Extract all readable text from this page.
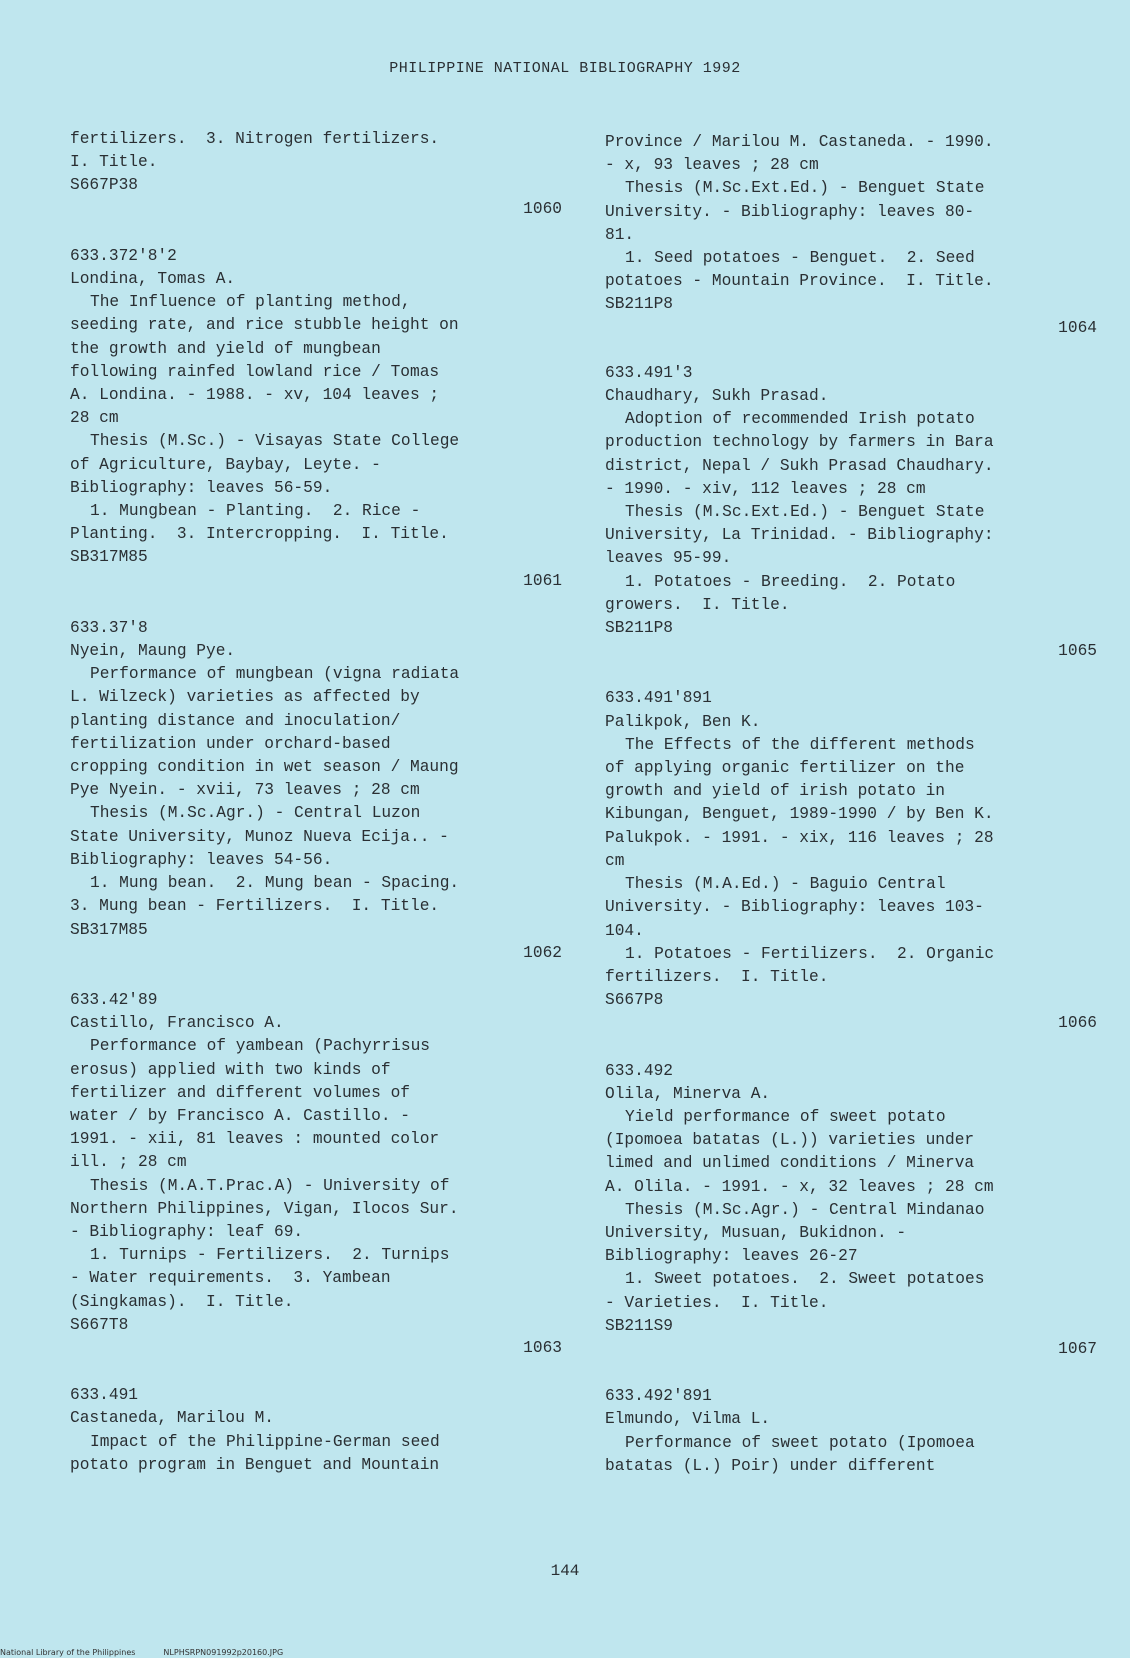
PHILIPPINE NATIONAL BIBLIOGRAPHY 1992
fertilizers.  3. Nitrogen fertilizers.
I. Title.
S667P38
1060
633.372'8'2
Londina, Tomas A.
The Influence of planting method,
seeding rate, and rice stubble height on
the growth and yield of mungbean
following rainfed lowland rice / Tomas
A. Londina. - 1988. - xv, 104 leaves ;
28 cm
Thesis (M.Sc.) - Visayas State College
of Agriculture, Baybay, Leyte. -
Bibliography: leaves 56-59.
1. Mungbean - Planting.  2. Rice -
Planting.  3. Intercropping.  I. Title.
SB317M85
1061
633.37'8
Nyein, Maung Pye.
Performance of mungbean (vigna radiata
L. Wilzeck) varieties as affected by
planting distance and inoculation/
fertilization under orchard-based
cropping condition in wet season / Maung
Pye Nyein. - xvii, 73 leaves ; 28 cm
Thesis (M.Sc.Agr.) - Central Luzon
State University, Munoz Nueva Ecija.. -
Bibliography: leaves 54-56.
1. Mung bean.  2. Mung bean - Spacing.
3. Mung bean - Fertilizers.  I. Title.
SB317M85
1062
633.42'89
Castillo, Francisco A.
Performance of yambean (Pachyrrisus
erosus) applied with two kinds of
fertilizer and different volumes of
water / by Francisco A. Castillo. -
1991. - xii, 81 leaves : mounted color
ill. ; 28 cm
Thesis (M.A.T.Prac.A) - University of
Northern Philippines, Vigan, Ilocos Sur.
- Bibliography: leaf 69.
1. Turnips - Fertilizers.  2. Turnips
- Water requirements.  3. Yambean
(Singkamas).  I. Title.
S667T8
1063
633.491
Castaneda, Marilou M.
Impact of the Philippine-German seed
potato program in Benguet and Mountain
Province / Marilou M. Castaneda. - 1990.
- x, 93 leaves ; 28 cm
Thesis (M.Sc.Ext.Ed.) - Benguet State
University. - Bibliography: leaves 80-
81.
1. Seed potatoes - Benguet.  2. Seed
potatoes - Mountain Province.  I. Title.
SB211P8
1064
633.491'3
Chaudhary, Sukh Prasad.
Adoption of recommended Irish potato
production technology by farmers in Bara
district, Nepal / Sukh Prasad Chaudhary.
- 1990. - xiv, 112 leaves ; 28 cm
Thesis (M.Sc.Ext.Ed.) - Benguet State
University, La Trinidad. - Bibliography:
leaves 95-99.
1. Potatoes - Breeding.  2. Potato
growers.  I. Title.
SB211P8
1065
633.491'891
Palikpok, Ben K.
The Effects of the different methods
of applying organic fertilizer on the
growth and yield of irish potato in
Kibungan, Benguet, 1989-1990 / by Ben K.
Palukpok. - 1991. - xix, 116 leaves ; 28
cm
Thesis (M.A.Ed.) - Baguio Central
University. - Bibliography: leaves 103-
104.
1. Potatoes - Fertilizers.  2. Organic
fertilizers.  I. Title.
S667P8
1066
633.492
Olila, Minerva A.
Yield performance of sweet potato
(Ipomoea batatas (L.)) varieties under
limed and unlimed conditions / Minerva
A. Olila. - 1991. - x, 32 leaves ; 28 cm
Thesis (M.Sc.Agr.) - Central Mindanao
University, Musuan, Bukidnon. -
Bibliography: leaves 26-27
1. Sweet potatoes.  2. Sweet potatoes
- Varieties.  I. Title.
SB211S9
1067
633.492'891
Elmundo, Vilma L.
Performance of sweet potato (Ipomoea
batatas (L.) Poir) under different
144
National Library of the Philippines	NLPHSRPN091992p20160.JPG
